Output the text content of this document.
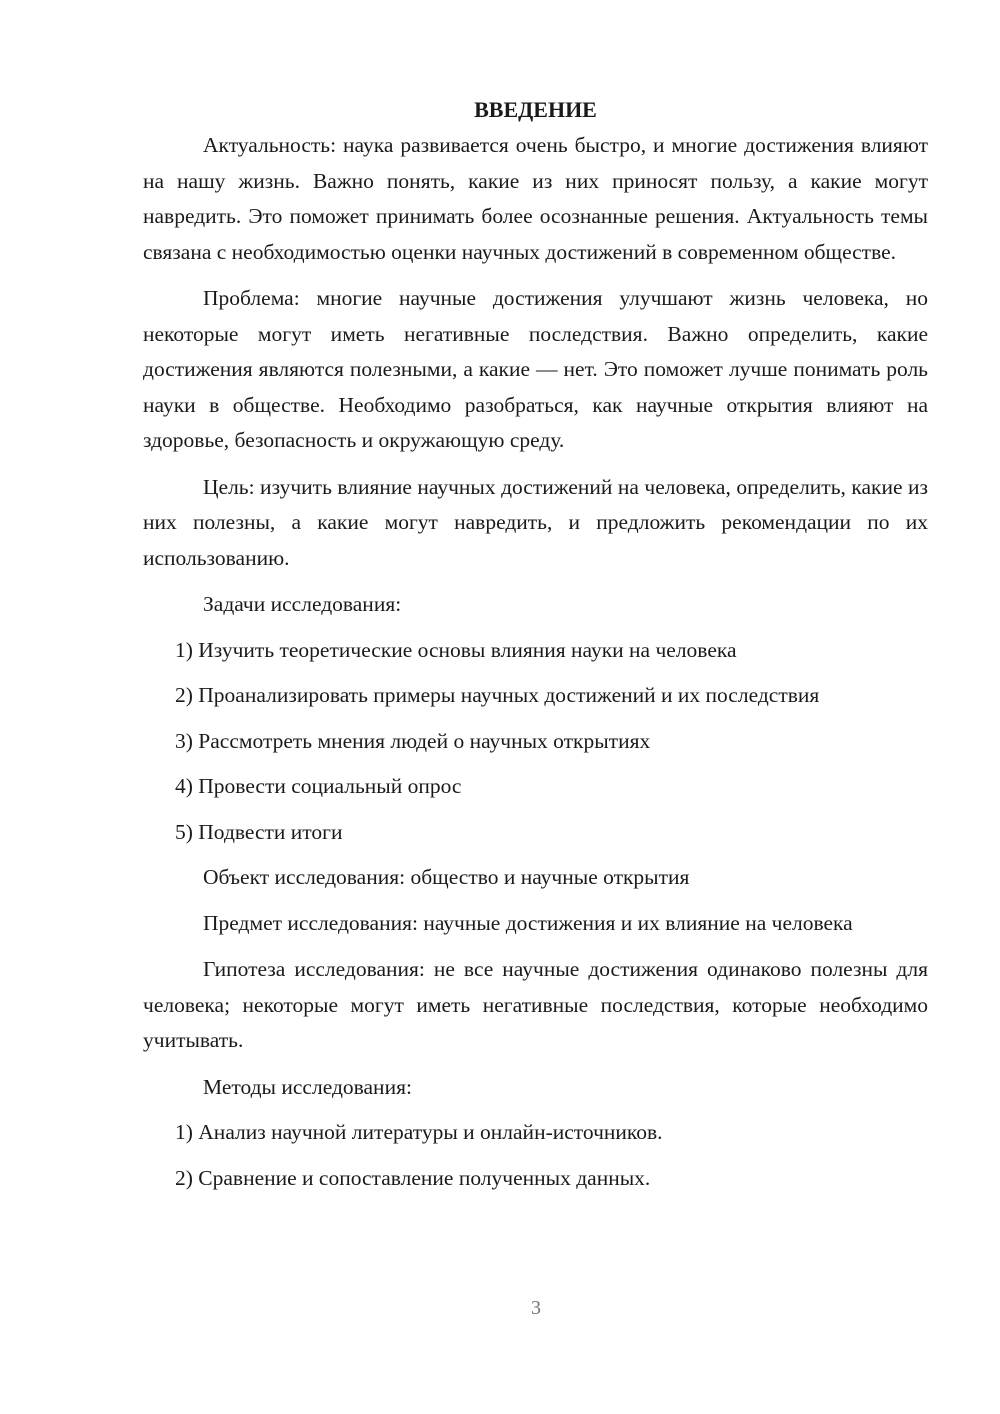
ВВЕДЕНИЕ

Актуальность: наука развивается очень быстро, и многие достижения влияют на нашу жизнь. Важно понять, какие из них приносят пользу, а какие могут навредить. Это поможет принимать более осознанные решения. Актуальность темы связана с необходимостью оценки научных достижений в современном обществе.

Проблема: многие научные достижения улучшают жизнь человека, но некоторые могут иметь негативные последствия. Важно определить, какие достижения являются полезными, а какие — нет. Это поможет лучше понимать роль науки в обществе. Необходимо разобраться, как научные открытия влияют на здоровье, безопасность и окружающую среду.

Цель: изучить влияние научных достижений на человека, определить, какие из них полезны, а какие могут навредить, и предложить рекомендации по их использованию.

Задачи исследования:

1) Изучить теоретические основы влияния науки на человека
2) Проанализировать примеры научных достижений и их последствия
3) Рассмотреть мнения людей о научных открытиях
4) Провести социальный опрос
5) Подвести итоги

Объект исследования: общество и научные открытия

Предмет исследования: научные достижения и их влияние на человека

Гипотеза исследования: не все научные достижения одинаково полезны для человека; некоторые могут иметь негативные последствия, которые необходимо учитывать.

Методы исследования:

1) Анализ научной литературы и онлайн-источников.
2) Сравнение и сопоставление полученных данных.
3
